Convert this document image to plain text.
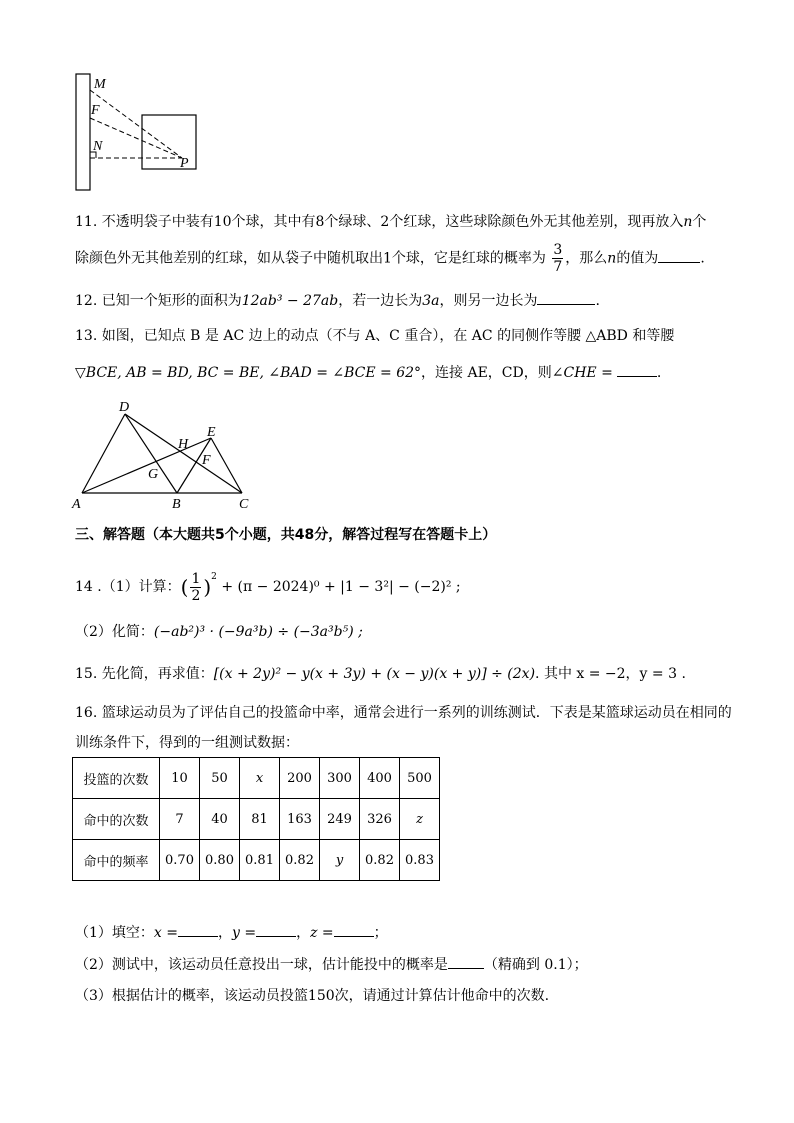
M
F
N
P
11. 不透明袋子中装有10个球，其中有8个绿球、2个红球，这些球除颜色外无其他差别，现再放入n个
除颜色外无其他差别的红球，如从袋子中随机取出1个球，它是红球的概率为 $\frac{3}{7}$ ，那么n的值为	.
12. 已知一个矩形的面积为12ab³ − 27ab，若一边长为3a，则另一边长为	.
13. 如图，已知点 B 是 AC 边上的动点（不与 A、C 重合），在 AC 的同侧作等腰 △ABD 和等腰
▽BCE, AB = BD, BC = BE, ∠BAD = ∠BCE = 62°，连接 AE，CD，则∠CHE =	.
D
E
H
F
G
A	B	C
三、解答题（本大题共5个小题，共48分，解答过程写在答题卡上）
14 .（1）计算：( $\frac{1}{2} )^2 + (\pi - 2024)^0 + |1 - 3^2| - (-2)^2$ ;
（2）化简：(−ab²)³ · (−9a³b) ÷ (−3a³b⁵) ;
15. 先化简，再求值：[(x + 2y)² − y(x + 3y) + (x − y)(x + y)] ÷ (2x). 其中 x = −2，y = 3 .
16. 篮球运动员为了评估自己的投篮命中率，通常会进行一系列的训练测试．下表是某篮球运动员在相同的
训练条件下，得到的一组测试数据：
投篮的次数	10	50	x	200	300	400	500
命中的次数	7	40	81	163	249	326	z
命中的频率	0.70	0.80	0.81	0.82	y	0.82	0.83
（1）填空：x =	，y =	，z =	；
（2）测试中，该运动员任意投出一球，估计能投中的概率是	（精确到 0.1）；
（3）根据估计的概率，该运动员投篮150次，请通过计算估计他命中的次数.
